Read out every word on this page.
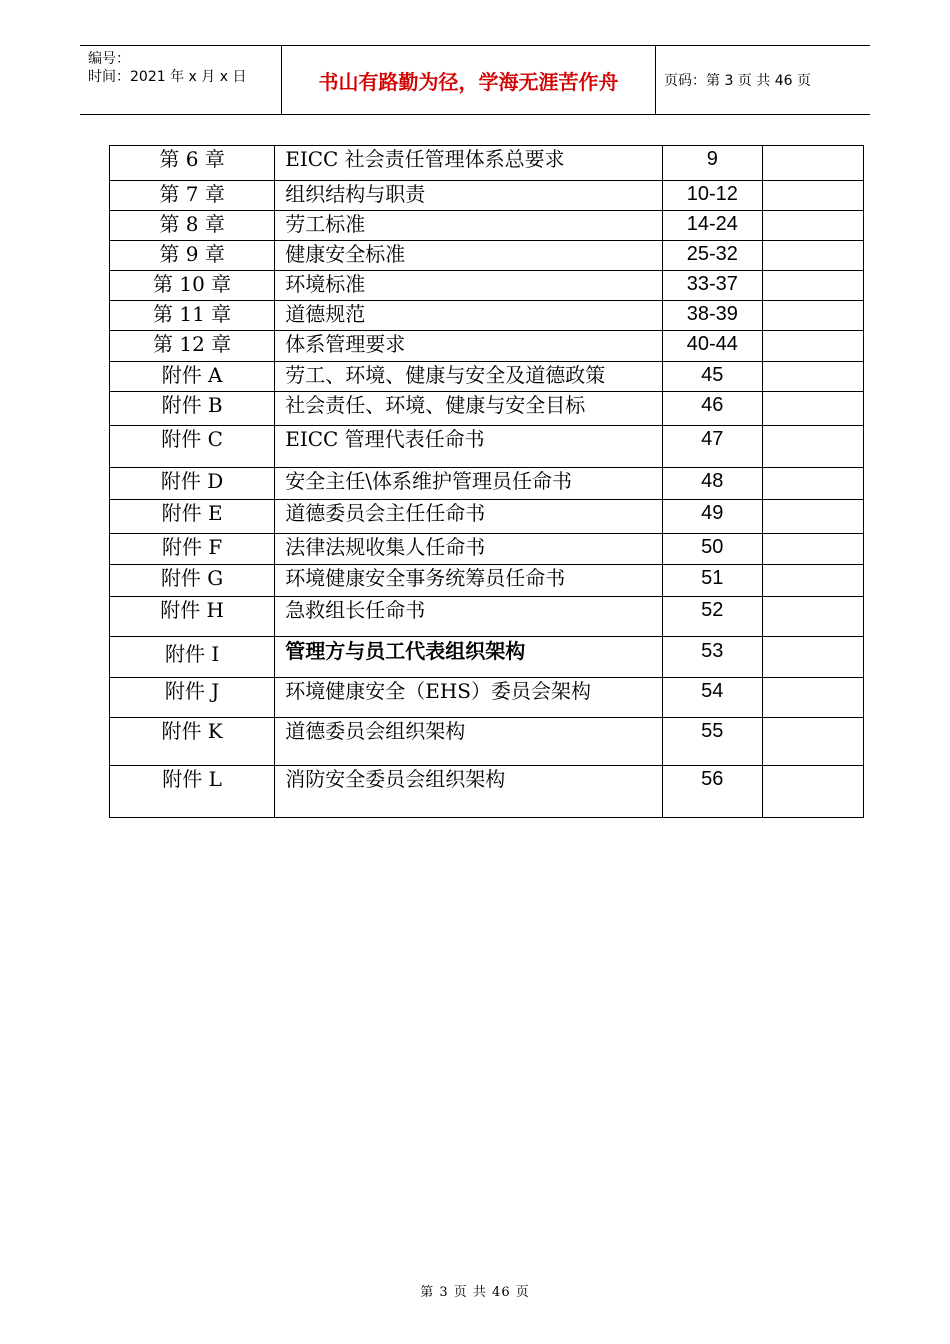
编号：
时间：2021 年 x 月 x 日	书山有路勤为径，学海无涯苦作舟	页码：第 3 页 共 46 页
第 6 章	EICC 社会责任管理体系总要求	9	
第 7 章	组织结构与职责	10-12	
第 8 章	劳工标准	14-24	
第 9 章	健康安全标准	25-32	
第 10 章	环境标准	33-37	
第 11 章	道德规范	38-39	
第 12 章	体系管理要求	40-44	
附件 A	劳工、环境、健康与安全及道德政策	45	
附件 B	社会责任、环境、健康与安全目标	46	
附件 C	EICC 管理代表任命书	47	
附件 D	安全主任\体系维护管理员任命书	48	
附件 E	道德委员会主任任命书	49	
附件 F	法律法规收集人任命书	50	
附件 G	环境健康安全事务统筹员任命书	51	
附件 H	急救组长任命书	52	
附件 I	管理方与员工代表组织架构	53	
附件 J	环境健康安全（EHS）委员会架构	54	
附件 K	道德委员会组织架构	55	
附件 L	消防安全委员会组织架构	56	
第 3 页 共 46 页
